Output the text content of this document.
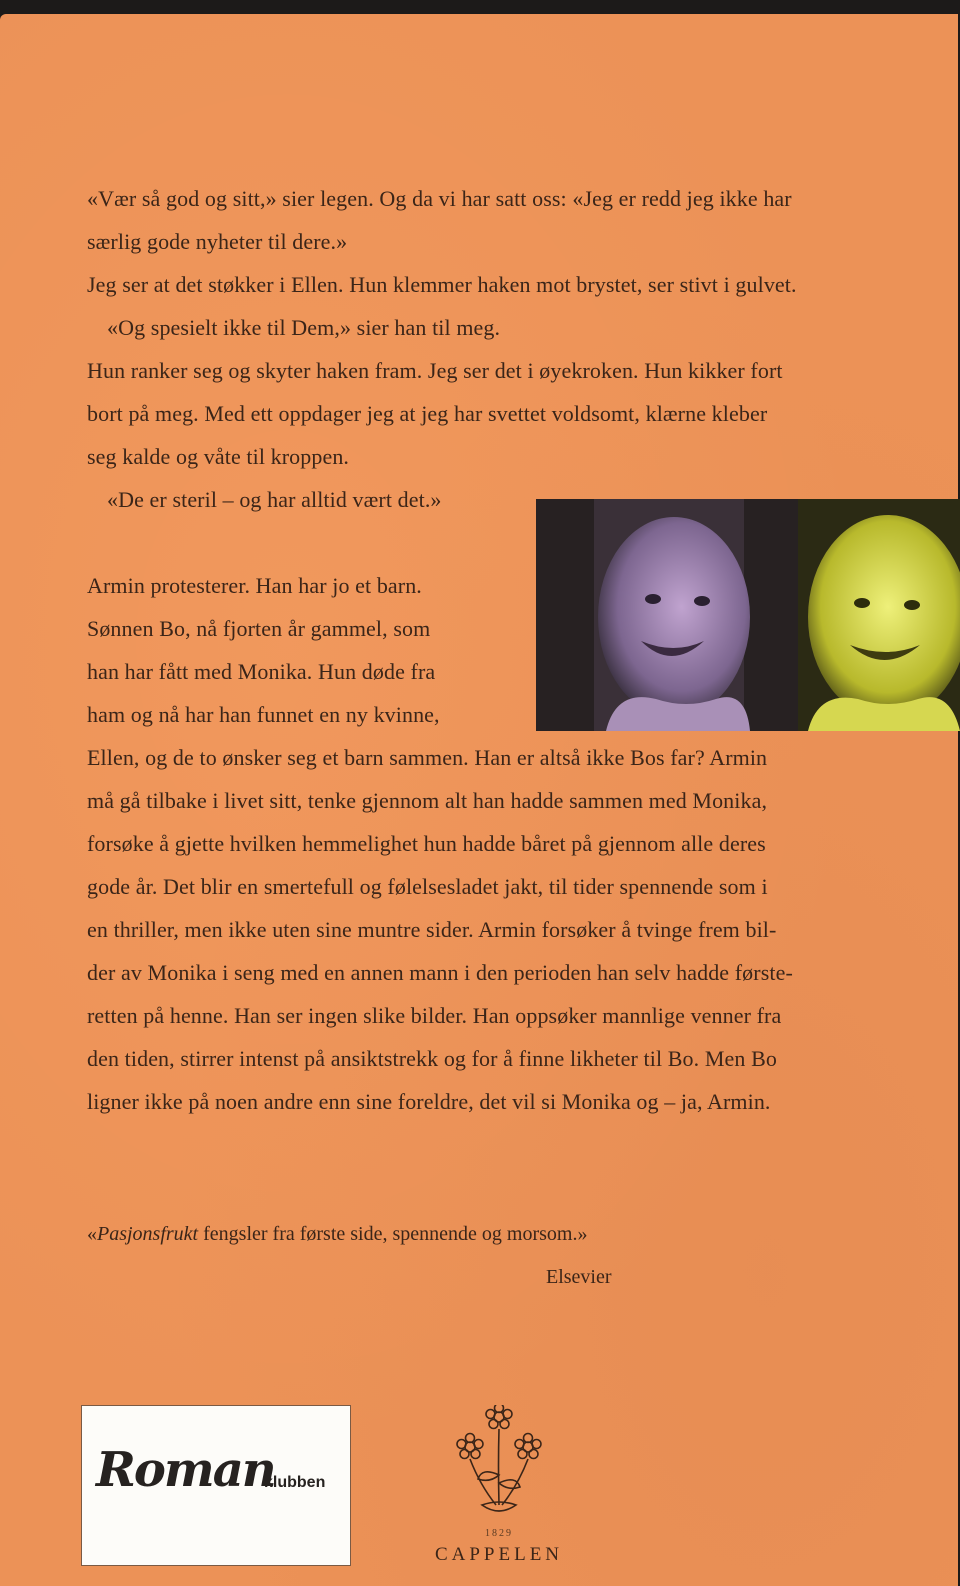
«Vær så god og sitt,» sier legen. Og da vi har satt oss: «Jeg er redd jeg ikke har

særlig gode nyheter til dere.»

Jeg ser at det støkker i Ellen. Hun klemmer haken mot brystet, ser stivt i gulvet.

«Og spesielt ikke til Dem,» sier han til meg.

Hun ranker seg og skyter haken fram. Jeg ser det i øyekroken. Hun kikker fort

bort på meg. Med ett oppdager jeg at jeg har svettet voldsomt, klærne kleber

seg kalde og våte til kroppen.

«De er steril – og har alltid vært det.»

Armin protesterer. Han har jo et barn.

Sønnen Bo, nå fjorten år gammel, som

han har fått med Monika. Hun døde fra

ham og nå har han funnet en ny kvinne,

Ellen, og de to ønsker seg et barn sammen. Han er altså ikke Bos far? Armin

må gå tilbake i livet sitt, tenke gjennom alt han hadde sammen med Monika,

forsøke å gjette hvilken hemmelighet hun hadde båret på gjennom alle deres

gode år. Det blir en smertefull og følelsesladet jakt, til tider spennende som i

en thriller, men ikke uten sine muntre sider. Armin forsøker å tvinge frem bil-

der av Monika i seng med en annen mann i den perioden han selv hadde første-

retten på henne. Han ser ingen slike bilder. Han oppsøker mannlige venner fra

den tiden, stirrer intenst på ansiktstrekk og for å finne likheter til Bo. Men Bo

ligner ikke på noen andre enn sine foreldre, det vil si Monika og – ja, Armin.

«Pasjonsfrukt fengsler fra første side, spennende og morsom.»

Elsevier

Roman
klubben

1829

CAPPELEN
